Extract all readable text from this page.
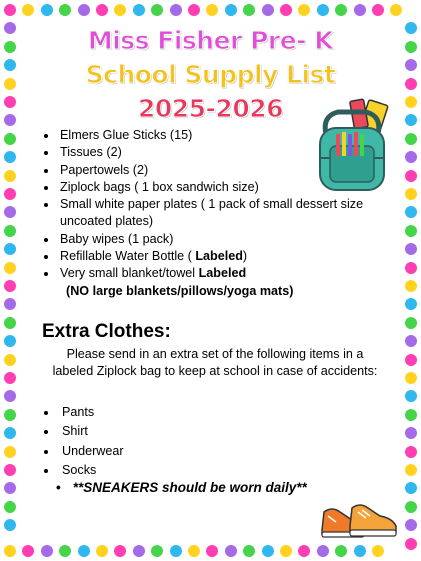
Miss Fisher Pre- K
School Supply List
2025-2026
• Elmers Glue Sticks (15)
• Tissues (2)
• Papertowels (2)
• Ziplock bags ( 1 box sandwich size)
• Small white paper plates ( 1 pack of small dessert size uncoated plates)
• Baby wipes (1 pack)
• Refillable Water Bottle ( Labeled)
• Very small blanket/towel Labeled
(NO large blankets/pillows/yoga mats)
Extra Clothes:

Please send in an extra set of the following items in a labeled Ziplock bag to keep at school in case of accidents:

• Pants
• Shirt
• Underwear
• Socks

• **SNEAKERS should be worn daily**
